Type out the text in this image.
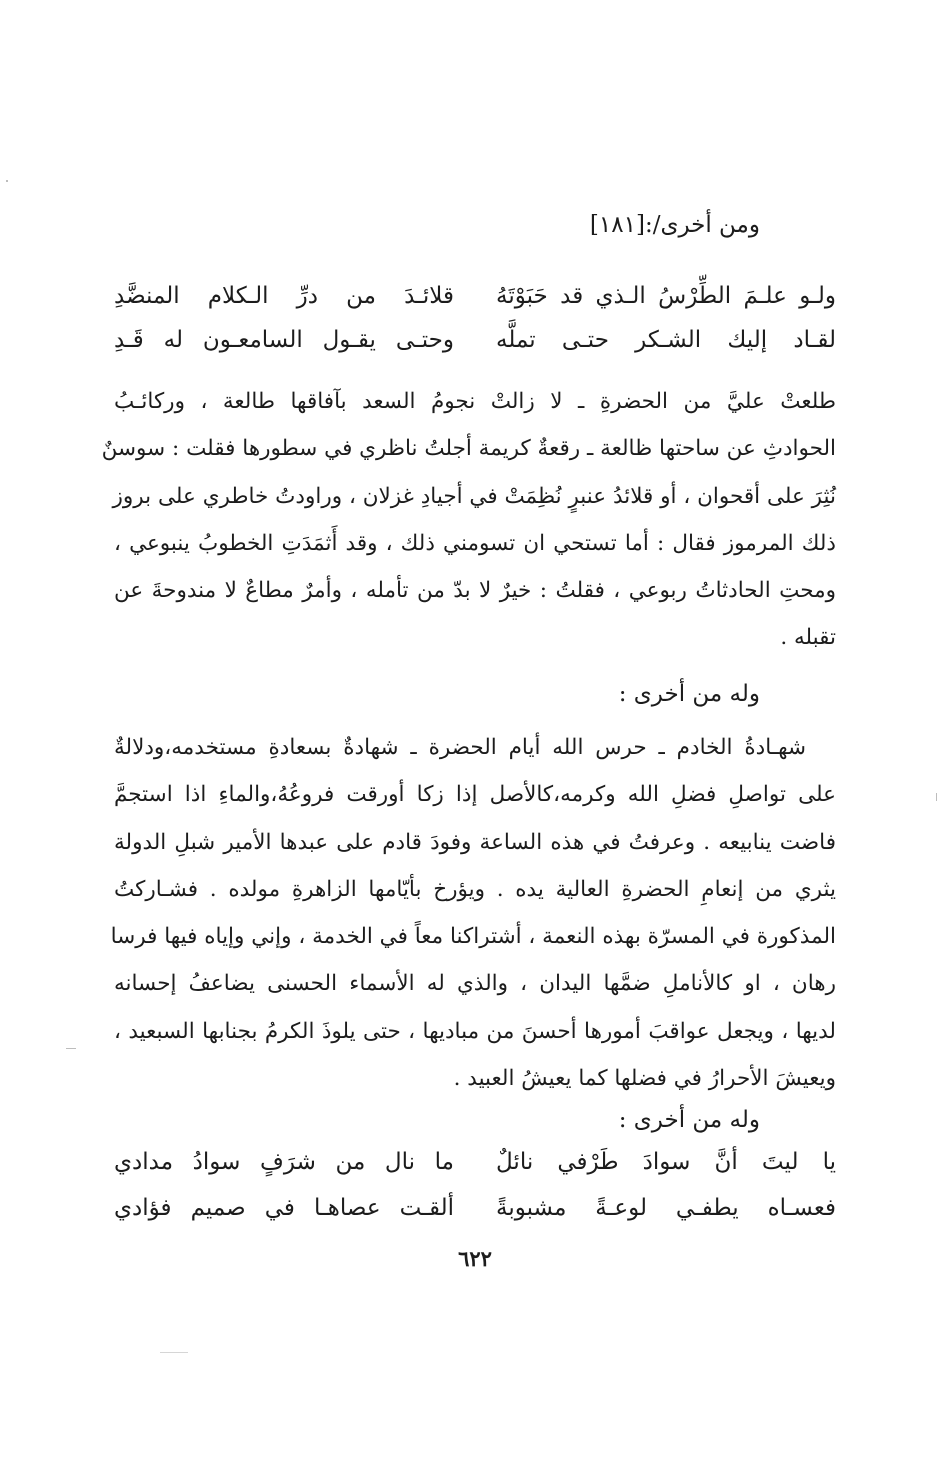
ومن أخرى/:[١٨١]
ولـو علـمَ الطِّرْسُ الـذي قد حَبَوْتَهُ
قلائـدَ من درِّ الـكلام المنضَّدِ
لقـاد إليك الشـكر حتـى تملَّه
وحتـى يقـول السامعـون له قَـدِ
طلعتْ عليَّ من الحضرةِ ـ لا زالتْ نجومُ السعد بآفاقها طالعة ، وركائـبُ
الحوادثِ عن ساحتها ظالعة ـ رقعةٌ كريمة أجلتُ ناظري في سطورها فقلت : سوسنٌ
نُثِرَ على أقحوان ، أو قلائدُ عنبرٍ نُظِمَتْ في أجيادِ غزلان ، وراودتُ خاطري على بروز
ذلك المرموز فقال : أما تستحي ان تسومني ذلك ، وقد أَثمَدَتِ الخطوبُ ينبوعي ،
ومحتِ الحادثاتُ ربوعي ، فقلتُ : خيرٌ لا بدّ من تأمله ، وأمرٌ مطاعٌ لا مندوحةَ عن
تقبله .
وله من أخرى :
شهـادةُ الخادم ـ حرس الله أيام الحضرة ـ شهادةٌ بسعادةِ مستخدمه،ودلالةٌ
على تواصلِ فضلِ الله وكرمه،كالأصل إذا زكا أورقت فروعُهُ،والماءِ اذا استجمَّ
فاضت ينابيعه . وعرفتُ في هذه الساعة وفودَ قادم على عبدها الأمير شبلِ الدولة
يثري من إنعامِ الحضرةِ العالية يده . ويؤرخ بأيّامها الزاهرةِ مولده . فشـاركتُ
المذكورة في المسرّة بهذه النعمة ، أشتراكنا معاً في الخدمة ، وإني وإياه فيها فرسا
رهان ، او كالأناملِ ضمَّها اليدان ، والذي له الأسماء الحسنى يضاعفُ إحسانه
لديها ، ويجعل عواقبَ أمورها أحسنَ من مباديها ، حتى يلوذَ الكرمُ بجنابها السبعيد ،
ويعيشَ الأحرارُ في فضلها كما يعيشُ العبيد .
وله من أخرى :
يا ليتَ أنَّ سوادَ طَرْفي نائلٌ
ما نال من شرَفٍ سوادُ مدادي
فعسـاه يطفـي لوعـةً مشبوبةً
ألقـت عصاهـا في صميم فؤادي
٦٢٢
